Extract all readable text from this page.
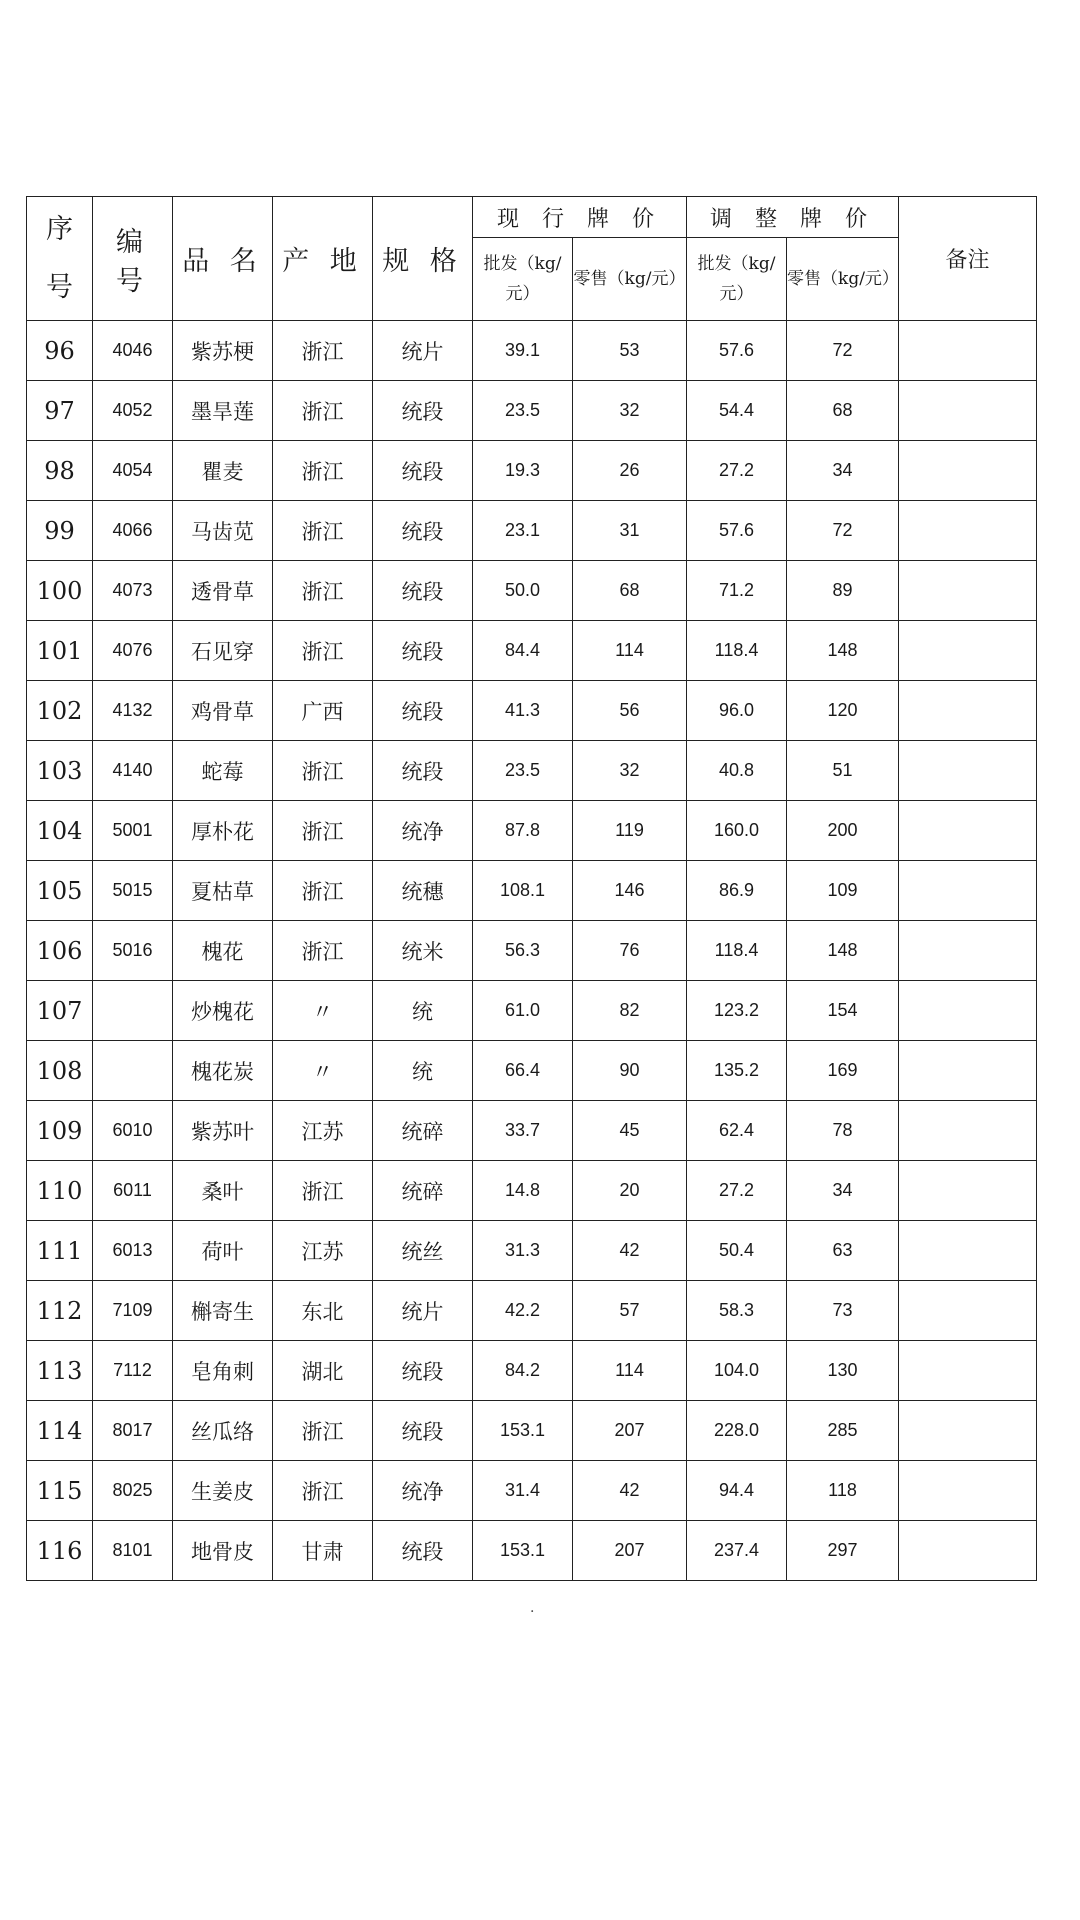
序
号	编 号	品 名	产 地	规 格	现 行 牌 价		调 整 牌 价		备注
					批发（kg/元）	零售（kg/元）	批发（kg/元）	零售（kg/元）	
96	4046	紫苏梗	浙江	统片	39.1	53	57.6	72	
97	4052	墨旱莲	浙江	统段	23.5	32	54.4	68	
98	4054	瞿麦	浙江	统段	19.3	26	27.2	34	
99	4066	马齿苋	浙江	统段	23.1	31	57.6	72	
100	4073	透骨草	浙江	统段	50.0	68	71.2	89	
101	4076	石见穿	浙江	统段	84.4	114	118.4	148	
102	4132	鸡骨草	广西	统段	41.3	56	96.0	120	
103	4140	蛇莓	浙江	统段	23.5	32	40.8	51	
104	5001	厚朴花	浙江	统净	87.8	119	160.0	200	
105	5015	夏枯草	浙江	统穗	108.1	146	86.9	109	
106	5016	槐花	浙江	统米	56.3	76	118.4	148	
107		炒槐花	〃	统	61.0	82	123.2	154	
108		槐花炭	〃	统	66.4	90	135.2	169	
109	6010	紫苏叶	江苏	统碎	33.7	45	62.4	78	
110	6011	桑叶	浙江	统碎	14.8	20	27.2	34	
111	6013	荷叶	江苏	统丝	31.3	42	50.4	63	
112	7109	槲寄生	东北	统片	42.2	57	58.3	73	
113	7112	皂角刺	湖北	统段	84.2	114	104.0	130	
114	8017	丝瓜络	浙江	统段	153.1	207	228.0	285	
115	8025	生姜皮	浙江	统净	31.4	42	94.4	118	
116	8101	地骨皮	甘肃	统段	153.1	207	237.4	297	
·
